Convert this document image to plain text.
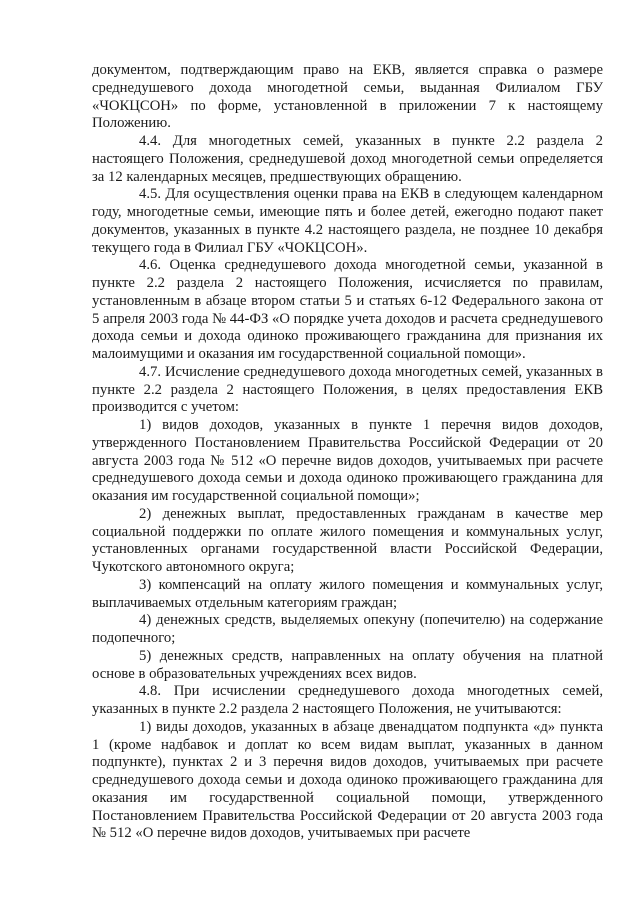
документом, подтверждающим право на ЕКВ, является справка о размере среднедушевого дохода многодетной семьи, выданная Филиалом ГБУ «ЧОКЦСОН» по форме, установленной в приложении 7 к настоящему Положению.

4.4. Для многодетных семей, указанных в пункте 2.2 раздела 2 настоящего Положения, среднедушевой доход многодетной семьи определяется за 12 календарных месяцев, предшествующих обращению.

4.5. Для осуществления оценки права на ЕКВ в следующем календарном году, многодетные семьи, имеющие пять и более детей, ежегодно подают пакет документов, указанных в пункте 4.2 настоящего раздела, не позднее 10 декабря текущего года в Филиал ГБУ «ЧОКЦСОН».

4.6. Оценка среднедушевого дохода многодетной семьи, указанной в пункте 2.2 раздела 2 настоящего Положения, исчисляется по правилам, установленным в абзаце втором статьи 5 и статьях 6-12 Федерального закона от 5 апреля 2003 года № 44-ФЗ «О порядке учета доходов и расчета среднедушевого дохода семьи и дохода одиноко проживающего гражданина для признания их малоимущими и оказания им государственной социальной помощи».

4.7. Исчисление среднедушевого дохода многодетных семей, указанных в пункте 2.2 раздела 2 настоящего Положения, в целях предоставления ЕКВ производится с учетом:

1) видов доходов, указанных в пункте 1 перечня видов доходов, утвержденного Постановлением Правительства Российской Федерации от 20 августа 2003 года № 512 «О перечне видов доходов, учитываемых при расчете среднедушевого дохода семьи и дохода одиноко проживающего гражданина для оказания им государственной социальной помощи»;

2) денежных выплат, предоставленных гражданам в качестве мер социальной поддержки по оплате жилого помещения и коммунальных услуг, установленных органами государственной власти Российской Федерации, Чукотского автономного округа;

3) компенсаций на оплату жилого помещения и коммунальных услуг, выплачиваемых отдельным категориям граждан;

4) денежных средств, выделяемых опекуну (попечителю) на содержание подопечного;

5) денежных средств, направленных на оплату обучения на платной основе в образовательных учреждениях всех видов.

4.8. При исчислении среднедушевого дохода многодетных семей, указанных в пункте 2.2 раздела 2 настоящего Положения, не учитываются:

1) виды доходов, указанных в абзаце двенадцатом подпункта «д» пункта 1 (кроме надбавок и доплат ко всем видам выплат, указанных в данном подпункте), пунктах 2 и 3 перечня видов доходов, учитываемых при расчете среднедушевого дохода семьи и дохода одиноко проживающего гражданина для оказания им государственной социальной помощи, утвержденного Постановлением Правительства Российской Федерации от 20 августа 2003 года № 512 «О перечне видов доходов, учитываемых при расчете
